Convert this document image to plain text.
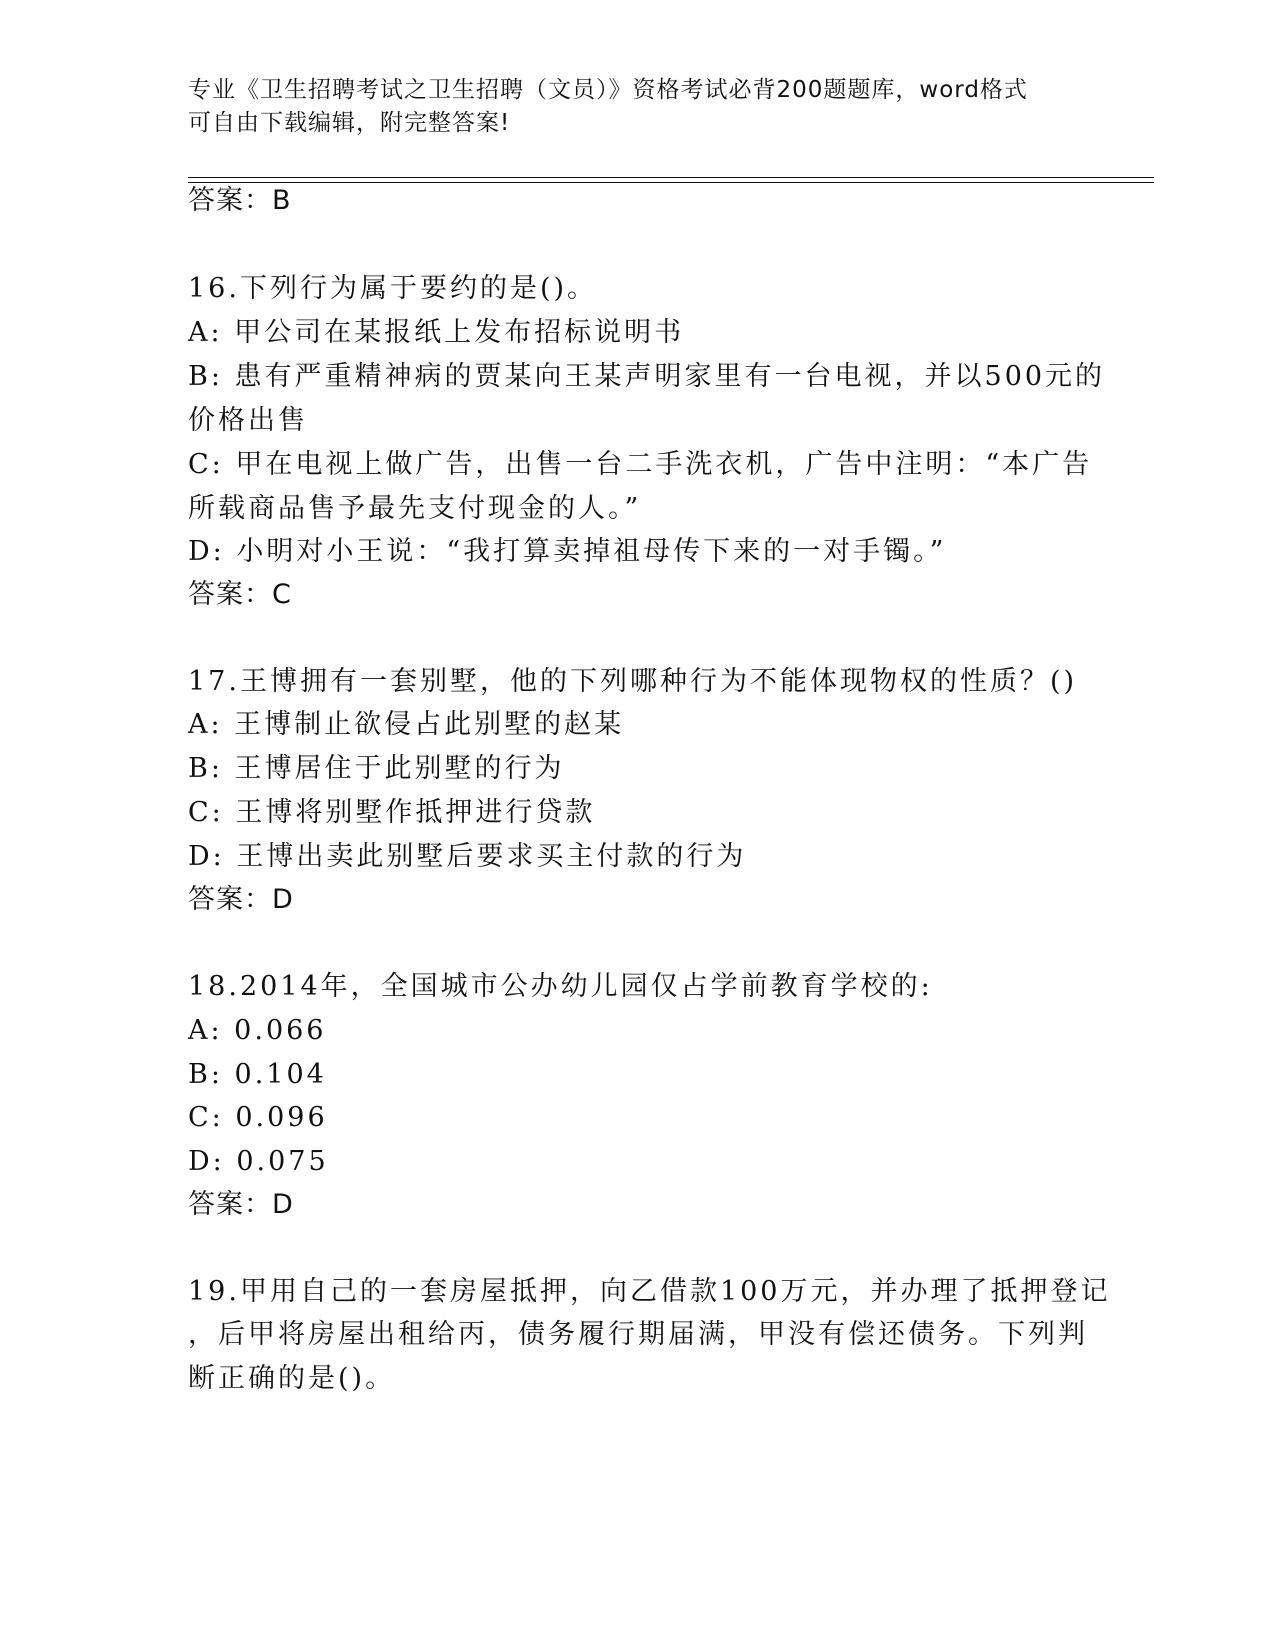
专业《卫生招聘考试之卫生招聘（文员）》资格考试必背200题题库，word格式
可自由下载编辑，附完整答案!
答案：B
16.下列行为属于要约的是()。
A: 甲公司在某报纸上发布招标说明书
B: 患有严重精神病的贾某向王某声明家里有一台电视，并以500元的
价格出售
C: 甲在电视上做广告，出售一台二手洗衣机，广告中注明：“本广告
所载商品售予最先支付现金的人。”
D: 小明对小王说：“我打算卖掉祖母传下来的一对手镯。”
答案：C
17.王博拥有一套别墅，他的下列哪种行为不能体现物权的性质？()
A: 王博制止欲侵占此别墅的赵某
B: 王博居住于此别墅的行为
C: 王博将别墅作抵押进行贷款
D: 王博出卖此别墅后要求买主付款的行为
答案：D
18.2014年，全国城市公办幼儿园仅占学前教育学校的:
A: 0.066
B: 0.104
C: 0.096
D: 0.075
答案：D
19.甲用自己的一套房屋抵押，向乙借款100万元，并办理了抵押登记
，后甲将房屋出租给丙，债务履行期届满，甲没有偿还债务。下列判
断正确的是()。
